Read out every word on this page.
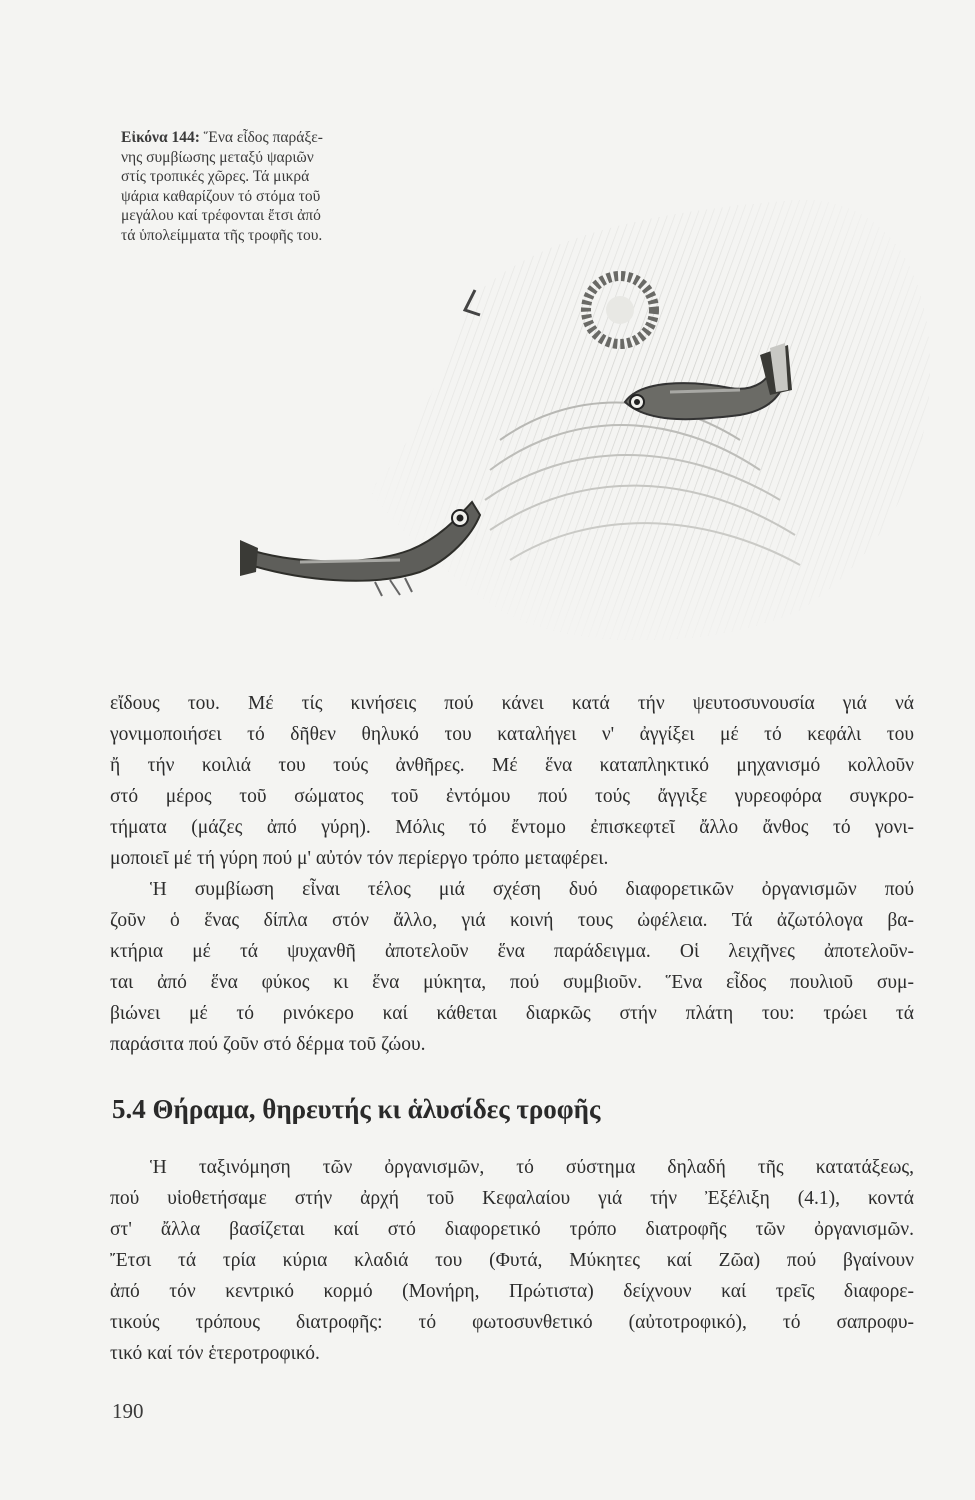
Εἰκόνα 144: Ἕνα εἶδος παράξε-
νης συμβίωσης μεταξύ ψαριῶν
στίς τροπικές χῶρες. Τά μικρά
ψάρια καθαρίζουν τό στόμα τοῦ
μεγάλου καί τρέφονται ἔτσι ἀπό
τά ὑπολείμματα τῆς τροφῆς του.
εἴδους του. Μέ τίς κινήσεις πού κάνει κατά τήν ψευτοσυνουσία γιά νά
γονιμοποιήσει τό δῆθεν θηλυκό του καταλήγει ν' ἀγγίξει μέ τό κεφάλι του
ἤ τήν κοιλιά του τούς ἀνθῆρες. Μέ ἕνα καταπληκτικό μηχανισμό κολλοῦν
στό μέρος τοῦ σώματος τοῦ ἐντόμου πού τούς ἄγγιξε γυρεοφόρα συγκρο-
τήματα (μάζες ἀπό γύρη). Μόλις τό ἔντομο ἐπισκεφτεῖ ἄλλο ἄνθος τό γονι-
μοποιεῖ μέ τή γύρη πού μ' αὐτόν τόν περίεργο τρόπο μεταφέρει.
Ἡ συμβίωση εἶναι τέλος μιά σχέση δυό διαφορετικῶν ὀργανισμῶν πού
ζοῦν ὁ ἕνας δίπλα στόν ἄλλο, γιά κοινή τους ὠφέλεια. Τά ἀζωτόλογα βα-
κτήρια μέ τά ψυχανθῆ ἀποτελοῦν ἕνα παράδειγμα. Οἱ λειχῆνες ἀποτελοῦν-
ται ἀπό ἕνα φύκος κι ἕνα μύκητα, πού συμβιοῦν. Ἕνα εἶδος πουλιοῦ συμ-
βιώνει μέ τό ρινόκερο καί κάθεται διαρκῶς στήν πλάτη του: τρώει τά
παράσιτα πού ζοῦν στό δέρμα τοῦ ζώου.
5.4 Θήραμα, θηρευτής κι ἁλυσίδες τροφῆς
Ἡ ταξινόμηση τῶν ὀργανισμῶν, τό σύστημα δηλαδή τῆς κατατάξεως,
πού υἱοθετήσαμε στήν ἀρχή τοῦ Κεφαλαίου γιά τήν Ἐξέλιξη (4.1), κοντά
στ' ἄλλα βασίζεται καί στό διαφορετικό τρόπο διατροφῆς τῶν ὀργανισμῶν.
Ἔτσι τά τρία κύρια κλαδιά του (Φυτά, Μύκητες καί Ζῶα) πού βγαίνουν
ἀπό τόν κεντρικό κορμό (Μονήρη, Πρώτιστα) δείχνουν καί τρεῖς διαφορε-
τικούς τρόπους διατροφῆς: τό φωτοσυνθετικό (αὐτοτροφικό), τό σαπροφυ-
τικό καί τόν ἑτεροτροφικό.
190
